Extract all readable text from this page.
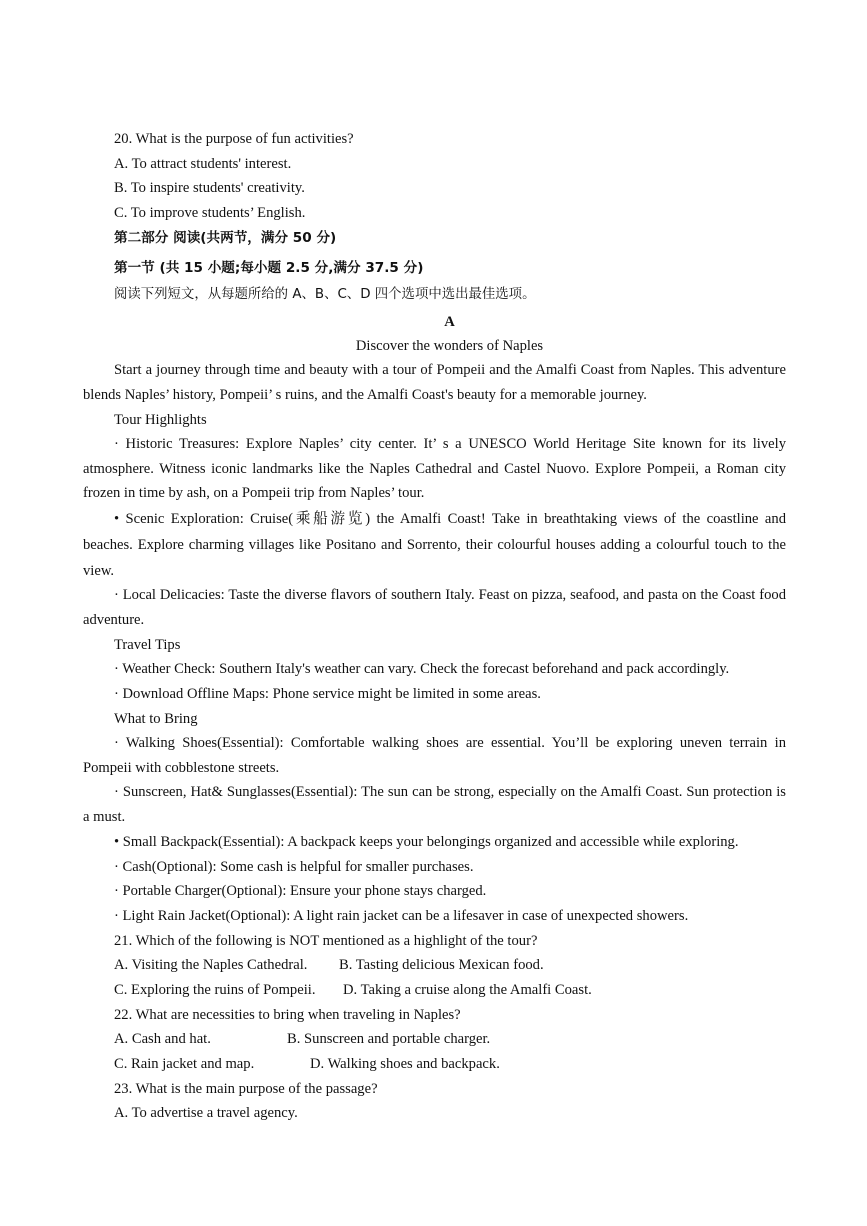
20. What is the purpose of fun activities?
A. To attract students' interest.
B. To inspire students' creativity.
C. To improve students’ English.
第二部分 阅读(共两节，满分 50 分)
第一节 (共 15 小题;每小题 2.5 分,满分 37.5 分)
阅读下列短文，从每题所给的 A、B、C、D 四个选项中选出最佳选项。
A
Discover the wonders of Naples
Start a journey through time and beauty with a tour of Pompeii and the Amalfi Coast from Naples. This adventure blends Naples’ history, Pompeii’ s ruins, and the Amalfi Coast's beauty for a memorable journey.
Tour Highlights
· Historic Treasures: Explore Naples’ city center. It’ s a UNESCO World Heritage Site known for its lively atmosphere. Witness iconic landmarks like the Naples Cathedral and Castel Nuovo. Explore Pompeii, a Roman city frozen in time by ash, on a Pompeii trip from Naples’ tour.
• Scenic Exploration: Cruise(乘船游览) the Amalfi Coast! Take in breathtaking views of the coastline and beaches. Explore charming villages like Positano and Sorrento, their colourful houses adding a colourful touch to the view.
· Local Delicacies: Taste the diverse flavors of southern Italy. Feast on pizza, seafood, and pasta on the Coast food adventure.
Travel Tips
· Weather Check: Southern Italy's weather can vary. Check the forecast beforehand and pack accordingly.
· Download Offline Maps: Phone service might be limited in some areas.
What to Bring
· Walking Shoes(Essential): Comfortable walking shoes are essential. You’ll be exploring uneven terrain in Pompeii with cobblestone streets.
· Sunscreen, Hat& Sunglasses(Essential): The sun can be strong, especially on the Amalfi Coast. Sun protection is a must.
• Small Backpack(Essential): A backpack keeps your belongings organized and accessible while exploring.
· Cash(Optional): Some cash is helpful for smaller purchases.
· Portable Charger(Optional): Ensure your phone stays charged.
· Light Rain Jacket(Optional): A light rain jacket can be a lifesaver in case of unexpected showers.
21. Which of the following is NOT mentioned as a highlight of the tour?
A. Visiting the Naples Cathedral. B. Tasting delicious Mexican food.
C. Exploring the ruins of Pompeii. D. Taking a cruise along the Amalfi Coast.
22. What are necessities to bring when traveling in Naples?
A. Cash and hat.	B. Sunscreen and portable charger.
C. Rain jacket and map.	D. Walking shoes and backpack.
23. What is the main purpose of the passage?
A. To advertise a travel agency.
